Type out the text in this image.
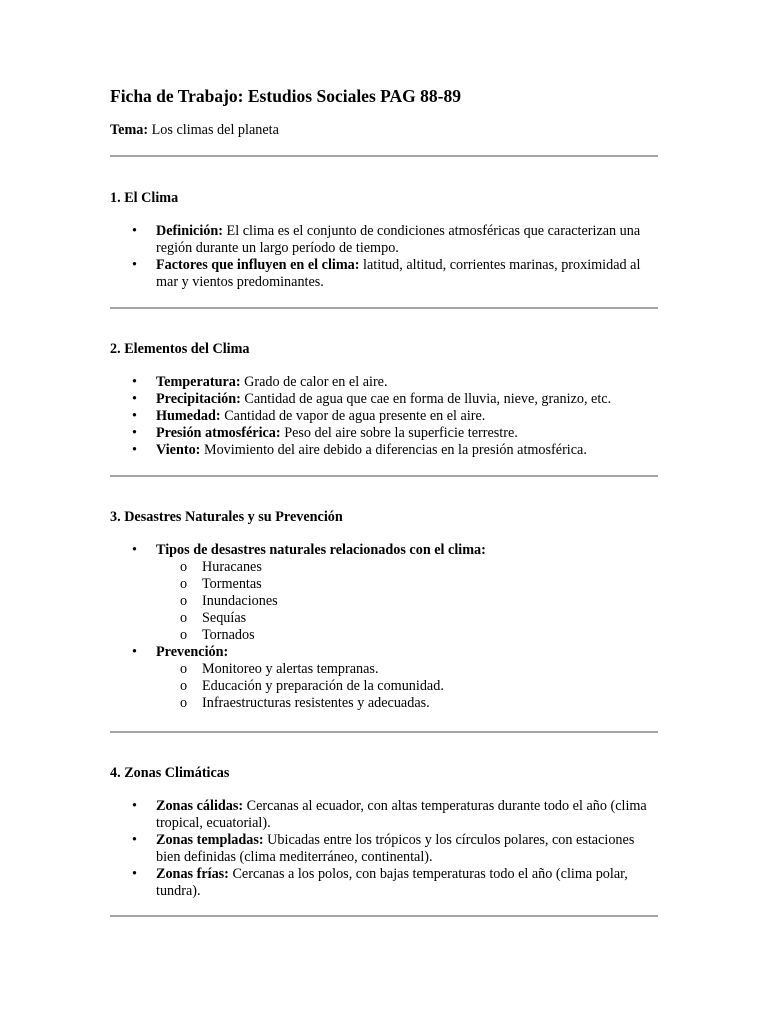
Ficha de Trabajo: Estudios Sociales PAG 88-89

Tema: Los climas del planeta

1. El Clima
• Definición: El clima es el conjunto de condiciones atmosféricas que caracterizan una región durante un largo período de tiempo.
• Factores que influyen en el clima: latitud, altitud, corrientes marinas, proximidad al mar y vientos predominantes.
2. Elementos del Clima
• Temperatura: Grado de calor en el aire.
• Precipitación: Cantidad de agua que cae en forma de lluvia, nieve, granizo, etc.
• Humedad: Cantidad de vapor de agua presente en el aire.
• Presión atmosférica: Peso del aire sobre la superficie terrestre.
• Viento: Movimiento del aire debido a diferencias en la presión atmosférica.
3. Desastres Naturales y su Prevención
• Tipos de desastres naturales relacionados con el clima:
o Huracanes
o Tormentas
o Inundaciones
o Sequías
o Tornados
• Prevención:
o Monitoreo y alertas tempranas.
o Educación y preparación de la comunidad.
o Infraestructuras resistentes y adecuadas.
4. Zonas Climáticas
• Zonas cálidas: Cercanas al ecuador, con altas temperaturas durante todo el año (clima tropical, ecuatorial).
• Zonas templadas: Ubicadas entre los trópicos y los círculos polares, con estaciones bien definidas (clima mediterráneo, continental).
• Zonas frías: Cercanas a los polos, con bajas temperaturas todo el año (clima polar, tundra).
